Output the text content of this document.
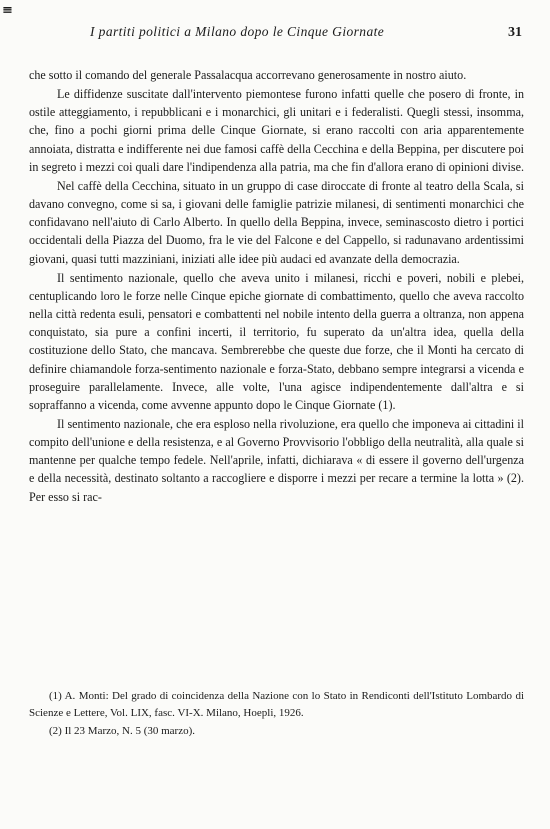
≡
I partiti politici a Milano dopo le Cinque Giornate	31

che sotto il comando del generale Passalacqua accorrevano generosamente in nostro aiuto.

Le diffidenze suscitate dall'intervento piemontese furono infatti quelle che posero di fronte, in ostile atteggiamento, i repubblicani e i monarchici, gli unitari e i federalisti. Quegli stessi, insomma, che, fino a pochi giorni prima delle Cinque Giornate, si erano raccolti con aria apparentemente annoiata, distratta e indifferente nei due famosi caffè della Cecchina e della Beppina, per discutere poi in segreto i mezzi coi quali dare l'indipendenza alla patria, ma che fin d'allora erano di opinioni divise.

Nel caffè della Cecchina, situato in un gruppo di case diroccate di fronte al teatro della Scala, si davano convegno, come si sa, i giovani delle famiglie patrizie milanesi, di sentimenti monarchici che confidavano nell'aiuto di Carlo Alberto. In quello della Beppina, invece, seminascosto dietro i portici occidentali della Piazza del Duomo, fra le vie del Falcone e del Cappello, si radunavano ardentissimi giovani, quasi tutti mazziniani, iniziati alle idee più audaci ed avanzate della democrazia.

Il sentimento nazionale, quello che aveva unito i milanesi, ricchi e poveri, nobili e plebei, centuplicando loro le forze nelle Cinque epiche giornate di combattimento, quello che aveva raccolto nella città redenta esuli, pensatori e combattenti nel nobile intento della guerra a oltranza, non appena conquistato, sia pure a confini incerti, il territorio, fu superato da un'altra idea, quella della costituzione dello Stato, che mancava. Sembrerebbe che queste due forze, che il Monti ha cercato di definire chiamandole forza-sentimento nazionale e forza-Stato, debbano sempre integrarsi a vicenda e proseguire parallelamente. Invece, alle volte, l'una agisce indipendentemente dall'altra e si sopraffanno a vicenda, come avvenne appunto dopo le Cinque Giornate (1).

Il sentimento nazionale, che era esploso nella rivoluzione, era quello che imponeva ai cittadini il compito dell'unione e della resistenza, e al Governo Provvisorio l'obbligo della neutralità, alla quale si mantenne per qualche tempo fedele. Nell'aprile, infatti, dichiarava « di essere il governo dell'urgenza e della necessità, destinato soltanto a raccogliere e disporre i mezzi per recare a termine la lotta » (2). Per esso si rac-

(1) A. Monti: Del grado di coincidenza della Nazione con lo Stato in Rendiconti dell'Istituto Lombardo di Scienze e Lettere, Vol. LIX, fasc. VI-X. Milano, Hoepli, 1926.

(2) Il 23 Marzo, N. 5 (30 marzo).
